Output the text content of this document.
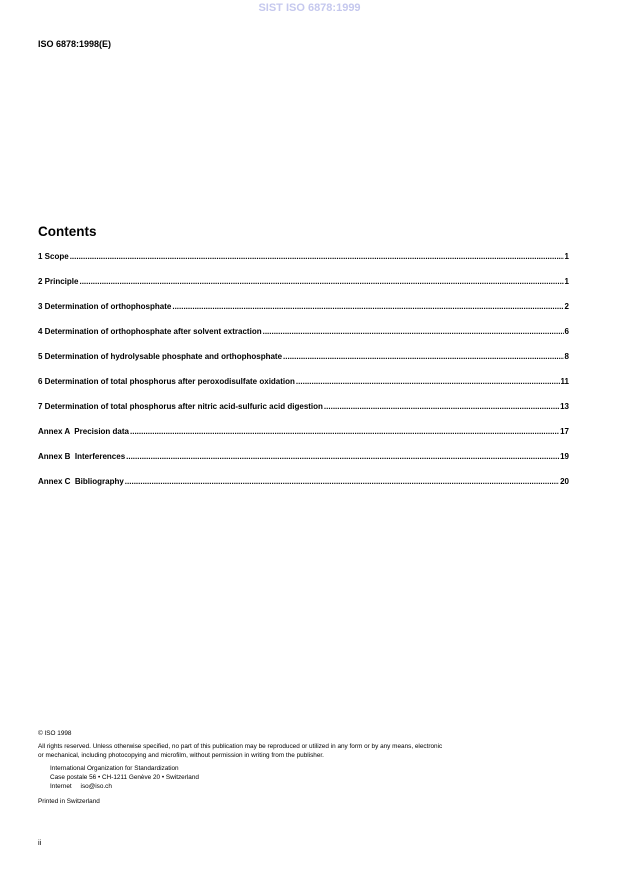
SIST ISO 6878:1999
ISO 6878:1998(E)
Contents
1 Scope .....	1
2 Principle .....	1
3 Determination of orthophosphate .....	2
4 Determination of orthophosphate after solvent extraction .....	6
5 Determination of hydrolysable phosphate and orthophosphate .....	8
6 Determination of total phosphorus after peroxodisulfate oxidation .....	11
7 Determination of total phosphorus after nitric acid-sulfuric acid digestion .....	13
Annex A  Precision data .....	17
Annex B  Interferences .....	19
Annex C  Bibliography .....	20
© ISO 1998
All rights reserved. Unless otherwise specified, no part of this publication may be reproduced or utilized in any form or by any means, electronic
or mechanical, including photocopying and microfilm, without permission in writing from the publisher.
International Organization for Standardization
Case postale 56 • CH-1211 Genève 20 • Switzerland
Internet     iso@iso.ch
Printed in Switzerland
ii
